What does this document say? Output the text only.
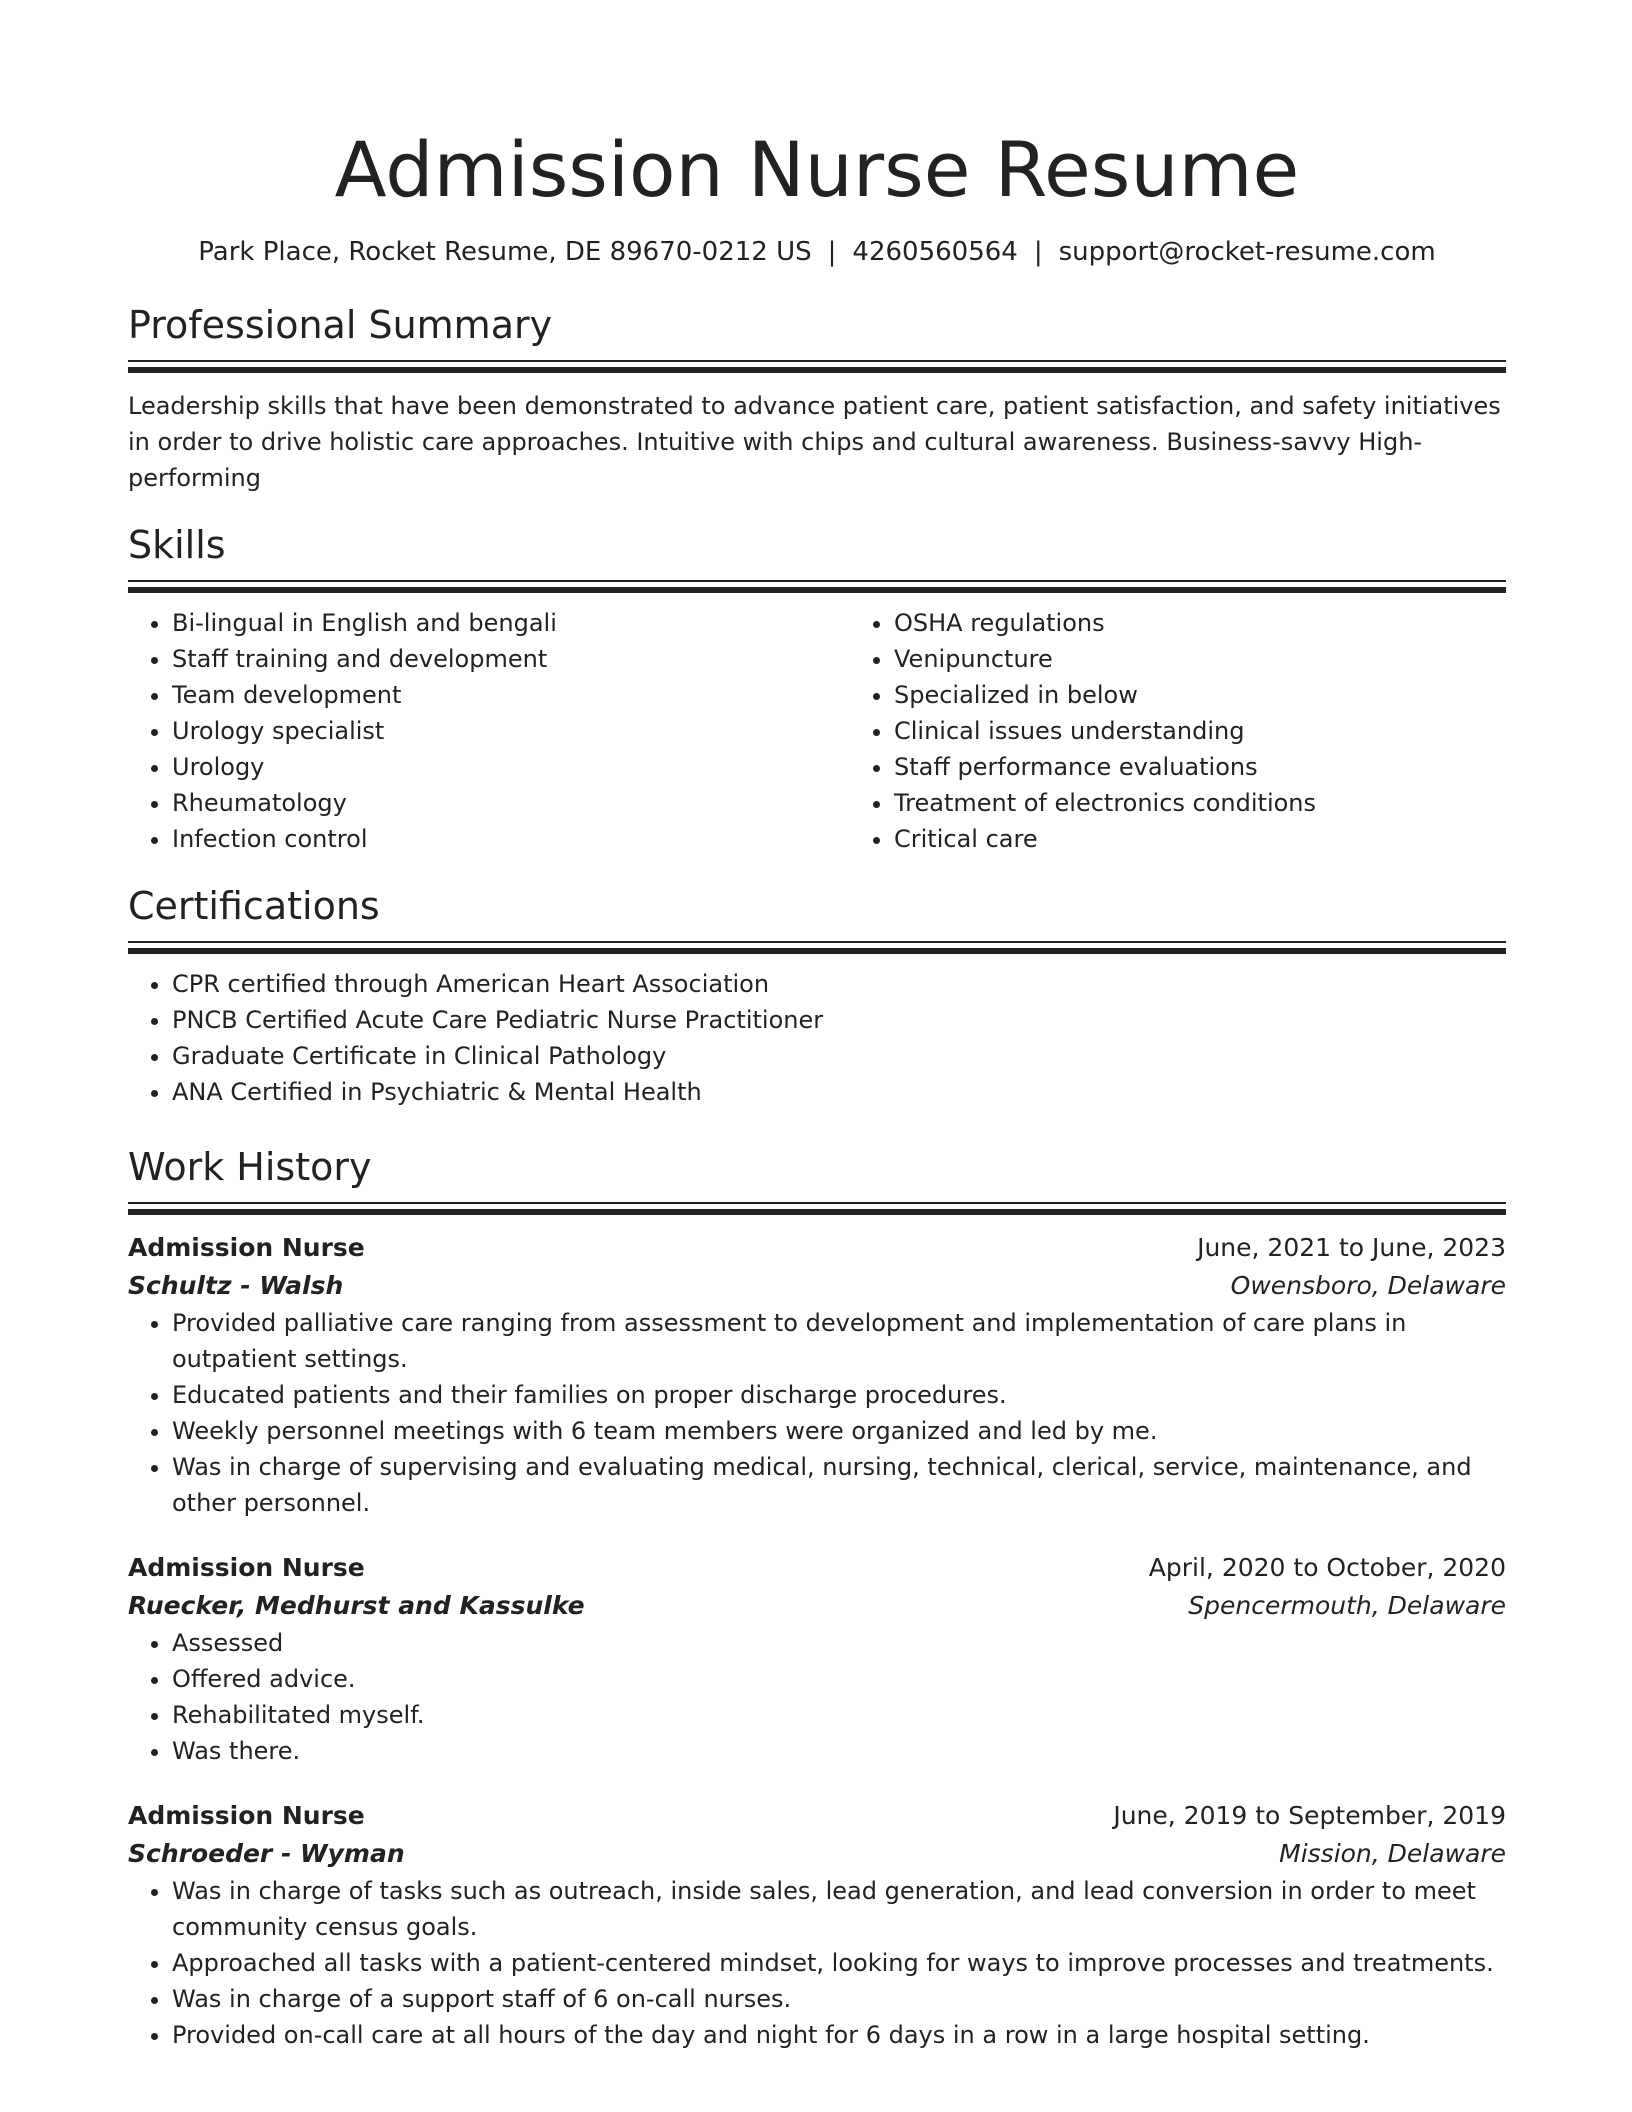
Admission Nurse Resume
Park Place, Rocket Resume, DE 89670-0212 US | 4260560564 | support@rocket-resume.com
Professional Summary

Leadership skills that have been demonstrated to advance patient care, patient satisfaction, and safety initiatives in order to drive holistic care approaches. Intuitive with chips and cultural awareness. Business-savvy High-performing

Skills
• Bi-lingual in English and bengali
• Staff training and development
• Team development
• Urology specialist
• Urology
• Rheumatology
• Infection control
• OSHA regulations
• Venipuncture
• Specialized in below
• Clinical issues understanding
• Staff performance evaluations
• Treatment of electronics conditions
• Critical care
Certifications
• CPR certified through American Heart Association
• PNCB Certified Acute Care Pediatric Nurse Practitioner
• Graduate Certificate in Clinical Pathology
• ANA Certified in Psychiatric & Mental Health
Work History
Admission Nurse	June, 2021 to June, 2023
Schultz - Walsh	Owensboro, Delaware
• Provided palliative care ranging from assessment to development and implementation of care plans in outpatient settings.
• Educated patients and their families on proper discharge procedures.
• Weekly personnel meetings with 6 team members were organized and led by me.
• Was in charge of supervising and evaluating medical, nursing, technical, clerical, service, maintenance, and other personnel.
Admission Nurse	April, 2020 to October, 2020
Ruecker, Medhurst and Kassulke	Spencermouth, Delaware
• Assessed
• Offered advice.
• Rehabilitated myself.
• Was there.
Admission Nurse	June, 2019 to September, 2019
Schroeder - Wyman	Mission, Delaware
• Was in charge of tasks such as outreach, inside sales, lead generation, and lead conversion in order to meet community census goals.
• Approached all tasks with a patient-centered mindset, looking for ways to improve processes and treatments.
• Was in charge of a support staff of 6 on-call nurses.
• Provided on-call care at all hours of the day and night for 6 days in a row in a large hospital setting.
